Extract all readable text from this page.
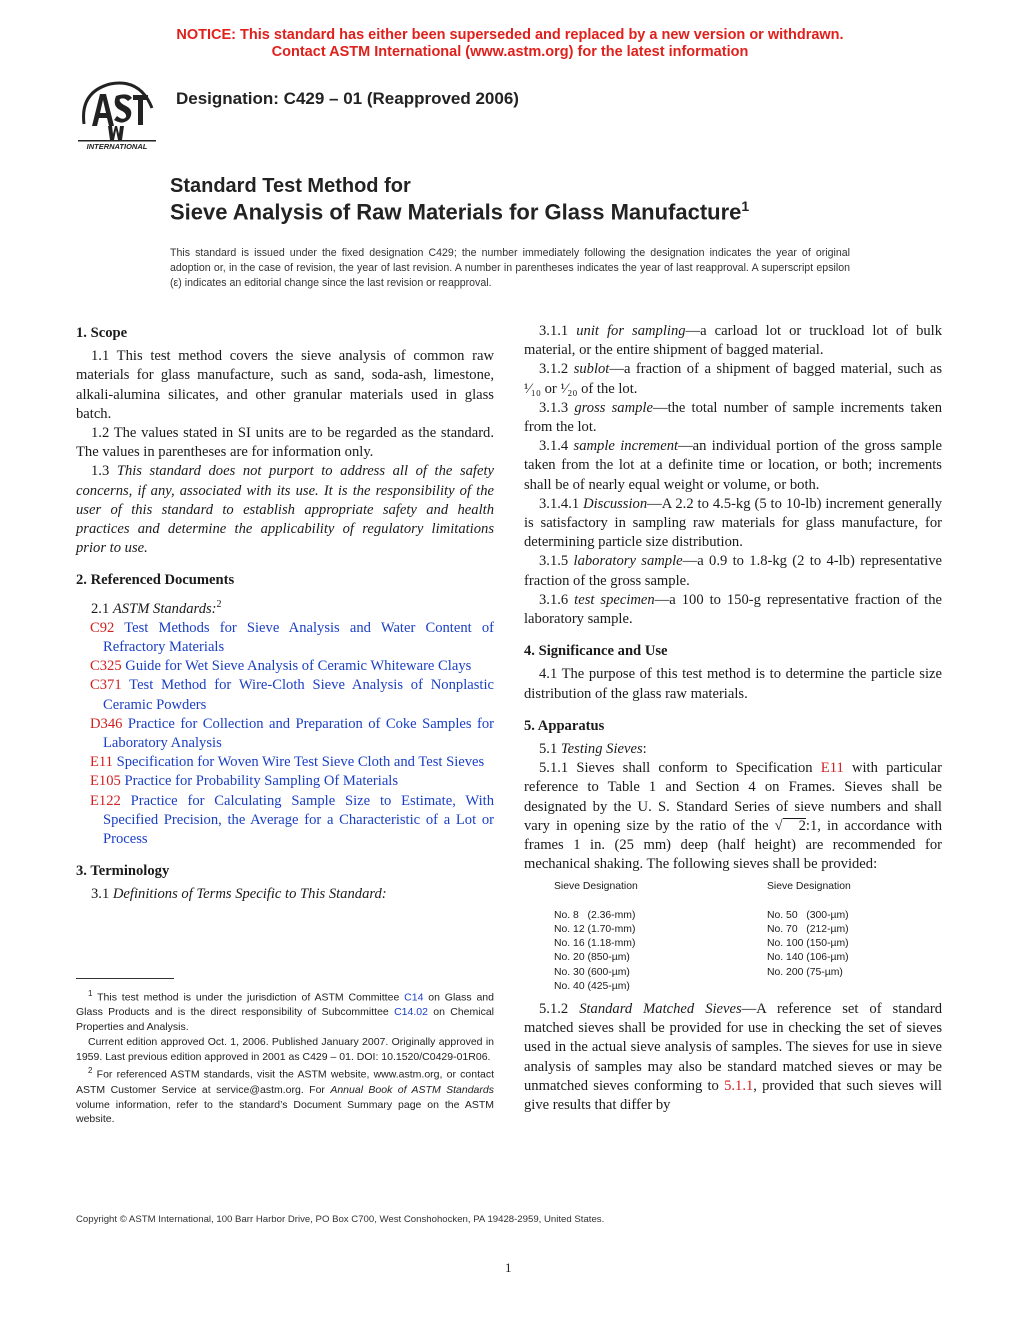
NOTICE: This standard has either been superseded and replaced by a new version or withdrawn.
Contact ASTM International (www.astm.org) for the latest information
INTERNATIONAL
Designation: C429 – 01 (Reapproved 2006)
Standard Test Method for
Sieve Analysis of Raw Materials for Glass Manufacture$^1$
This standard is issued under the fixed designation C429; the number immediately following the designation indicates the year of original adoption or, in the case of revision, the year of last revision. A number in parentheses indicates the year of last reapproval. A superscript epsilon (ε) indicates an editorial change since the last revision or reapproval.
1. Scope

1.1 This test method covers the sieve analysis of common raw materials for glass manufacture, such as sand, soda-ash, limestone, alkali-alumina silicates, and other granular materials used in glass batch.

1.2 The values stated in SI units are to be regarded as the standard. The values in parentheses are for information only.

1.3 This standard does not purport to address all of the safety concerns, if any, associated with its use. It is the responsibility of the user of this standard to establish appropriate safety and health practices and determine the applicability of regulatory limitations prior to use.

2. Referenced Documents

2.1 ASTM Standards:$^2$

C92 Test Methods for Sieve Analysis and Water Content of Refractory Materials

C325 Guide for Wet Sieve Analysis of Ceramic Whiteware Clays

C371 Test Method for Wire-Cloth Sieve Analysis of Nonplastic Ceramic Powders

D346 Practice for Collection and Preparation of Coke Samples for Laboratory Analysis

E11 Specification for Woven Wire Test Sieve Cloth and Test Sieves

E105 Practice for Probability Sampling Of Materials

E122 Practice for Calculating Sample Size to Estimate, With Specified Precision, the Average for a Characteristic of a Lot or Process

3. Terminology

3.1 Definitions of Terms Specific to This Standard:

$^1$ This test method is under the jurisdiction of ASTM Committee C14 on Glass and Glass Products and is the direct responsibility of Subcommittee C14.02 on Chemical Properties and Analysis.

Current edition approved Oct. 1, 2006. Published January 2007. Originally approved in 1959. Last previous edition approved in 2001 as C429 – 01. DOI: 10.1520/C0429-01R06.

$^2$ For referenced ASTM standards, visit the ASTM website, www.astm.org, or contact ASTM Customer Service at service@astm.org. For Annual Book of ASTM Standards volume information, refer to the standard’s Document Summary page on the ASTM website.

3.1.1 unit for sampling—a carload lot or truckload lot of bulk material, or the entire shipment of bagged material.

3.1.2 sublot—a fraction of a shipment of bagged material, such as ¹⁄₁₀ or ¹⁄₂₀ of the lot.

3.1.3 gross sample—the total number of sample increments taken from the lot.

3.1.4 sample increment—an individual portion of the gross sample taken from the lot at a definite time or location, or both; increments shall be of nearly equal weight or volume, or both.

3.1.4.1 Discussion—A 2.2 to 4.5-kg (5 to 10-lb) increment generally is satisfactory in sampling raw materials for glass manufacture, for determining particle size distribution.

3.1.5 laboratory sample—a 0.9 to 1.8-kg (2 to 4-lb) representative fraction of the gross sample.

3.1.6 test specimen—a 100 to 150-g representative fraction of the laboratory sample.

4. Significance and Use

4.1 The purpose of this test method is to determine the particle size distribution of the glass raw materials.

5. Apparatus

5.1 Testing Sieves:

5.1.1 Sieves shall conform to Specification E11 with particular reference to Table 1 and Section 4 on Frames. Sieves shall be designated by the U. S. Standard Series of sieve numbers and shall vary in opening size by the ratio of the √ 2:1, in accordance with frames 1 in. (25 mm) deep (half height) are recommended for mechanical shaking. The following sieves shall be provided:

Sieve Designation	Sieve Designation
No. 8   (2.36-mm)	No. 50   (300-µm)
No. 12 (1.70-mm)	No. 70   (212-µm)
No. 16 (1.18-mm)	No. 100 (150-µm)
No. 20 (850-µm)	No. 140 (106-µm)
No. 30 (600-µm)	No. 200 (75-µm)
No. 40 (425-µm)	

5.1.2 Standard Matched Sieves—A reference set of standard matched sieves shall be provided for use in checking the set of sieves used in the actual sieve analysis of samples. The sieves for use in sieve analysis of samples may also be standard matched sieves or may be unmatched sieves conforming to 5.1.1, provided that such sieves will give results that differ by

Copyright © ASTM International, 100 Barr Harbor Drive, PO Box C700, West Conshohocken, PA 19428-2959, United States.
1
